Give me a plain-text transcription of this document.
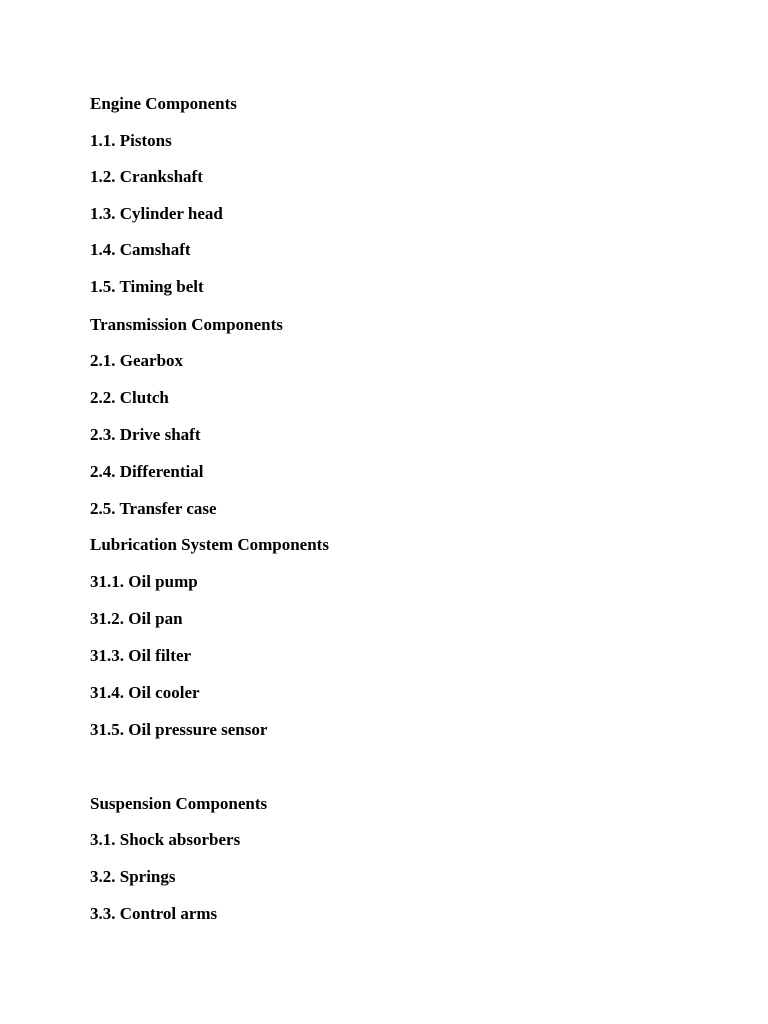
Engine Components

1.1. Pistons

1.2. Crankshaft

1.3. Cylinder head

1.4. Camshaft

1.5. Timing belt

Transmission Components

2.1. Gearbox

2.2. Clutch

2.3. Drive shaft

2.4. Differential

2.5. Transfer case

Lubrication System Components

31.1. Oil pump

31.2. Oil pan

31.3. Oil filter

31.4. Oil cooler

31.5. Oil pressure sensor

Suspension Components

3.1. Shock absorbers

3.2. Springs

3.3. Control arms
